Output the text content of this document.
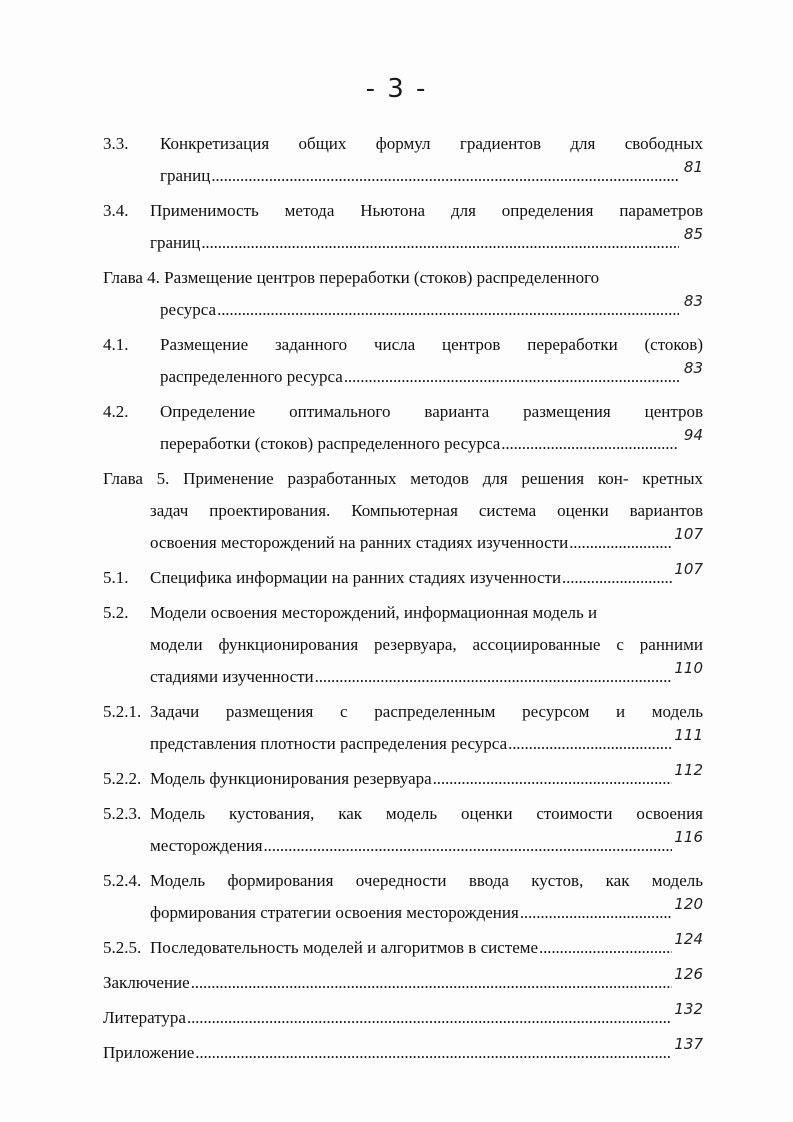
- 3 -
3.3.	Конкретизация общих формул градиентов для свободных
границ . . .	81
3.4.	Применимость метода Ньютона для определения параметров
границ . . .	85
Глава 4. Размещение центров переработки (стоков) распределенного
ресурса . . .	83
4.1.	Размещение заданного числа центров переработки (стоков)
распределенного ресурса . . .	83
4.2.	Определение оптимального варианта размещения центров
переработки (стоков) распределенного ресурса . . .	94
Глава 5. Применение разработанных методов для решения кон- кретных
задач проектирования. Компьютерная система оценки вариантов
освоения месторождений на ранних стадиях изученности . . .	107
5.1.	Специфика информации на ранних стадиях изученности . . .	107
5.2.	Модели освоения месторождений, информационная модель и
модели функционирования резервуара, ассоциированные с ранними
стадиями изученности . . .	110
5.2.1. Задачи размещения с распределенным ресурсом и модель
представления плотности распределения ресурса . . .	111
5.2.2. Модель функционирования резервуара . . .	112
5.2.3. Модель кустования, как модель оценки стоимости освоения
месторождения . . .	116
5.2.4. Модель формирования очередности ввода кустов, как модель
формирования стратегии освоения месторождения . . .	120
5.2.5. Последовательность моделей и алгоритмов в системе . . .	124
Заключение . . .	126
Литература . . .	132
Приложение . . .	137
